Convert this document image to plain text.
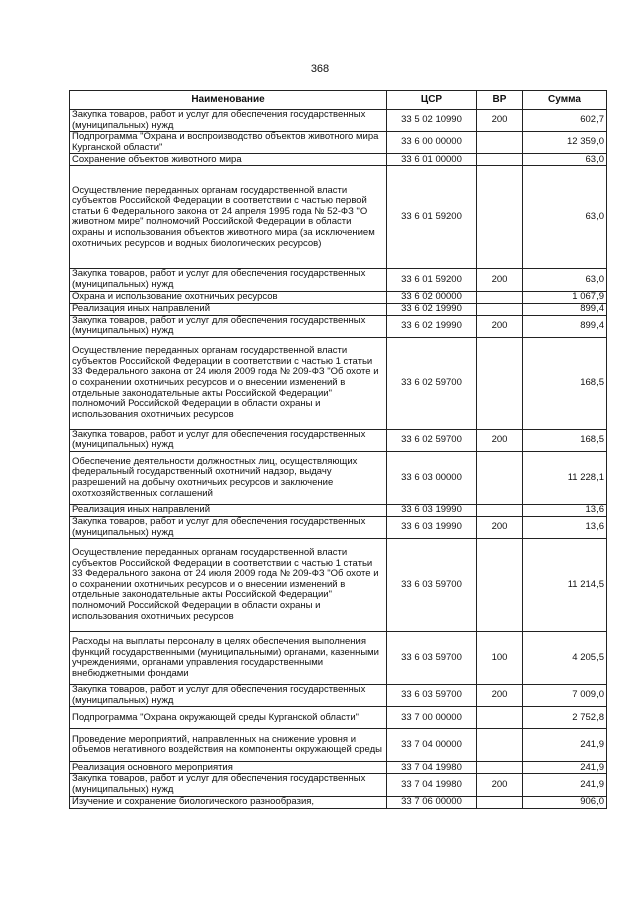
368
Наименование	ЦСР	ВР	Сумма
Закупка товаров, работ и услуг для обеспечения государственных (муниципальных) нужд	33 5 02 10990	200	602,7
Подпрограмма "Охрана и воспроизводство объектов животного мира Курганской области"	33 6 00 00000		12 359,0
Сохранение объектов животного мира	33 6 01 00000		63,0
Осуществление переданных органам государственной власти субъектов Российской Федерации в соответствии с частью первой статьи 6 Федерального закона от 24 апреля 1995 года № 52-ФЗ "О животном мире" полномочий Российской Федерации в области охраны и использования объектов животного мира (за исключением охотничьих ресурсов и водных биологических ресурсов)	33 6 01 59200		63,0
Закупка товаров, работ и услуг для обеспечения государственных (муниципальных) нужд	33 6 01 59200	200	63,0
Охрана и использование охотничьих ресурсов	33 6 02 00000		1 067,9
Реализация иных направлений	33 6 02 19990		899,4
Закупка товаров, работ и услуг для обеспечения государственных (муниципальных) нужд	33 6 02 19990	200	899,4
Осуществление переданных органам государственной власти субъектов Российской Федерации в соответствии с частью 1 статьи 33 Федерального закона от 24 июля 2009 года № 209-ФЗ "Об охоте и о сохранении охотничьих ресурсов и о внесении изменений в отдельные законодательные акты Российской Федерации" полномочий Российской Федерации в области охраны и использования охотничьих ресурсов	33 6 02 59700		168,5
Закупка товаров, работ и услуг для обеспечения государственных (муниципальных) нужд	33 6 02 59700	200	168,5
Обеспечение деятельности должностных лиц, осуществляющих федеральный государственный охотничий надзор, выдачу разрешений на добычу охотничьих ресурсов и заключение охотхозяйственных соглашений	33 6 03 00000		11 228,1
Реализация иных направлений	33 6 03 19990		13,6
Закупка товаров, работ и услуг для обеспечения государственных (муниципальных) нужд	33 6 03 19990	200	13,6
Осуществление переданных органам государственной власти субъектов Российской Федерации в соответствии с частью 1 статьи 33 Федерального закона от 24 июля 2009 года № 209-ФЗ "Об охоте и о сохранении охотничьих ресурсов и о внесении изменений в отдельные законодательные акты Российской Федерации" полномочий Российской Федерации в области охраны и использования охотничьих ресурсов	33 6 03 59700		11 214,5
Расходы на выплаты персоналу в целях обеспечения выполнения функций государственными (муниципальными) органами, казенными учреждениями, органами управления государственными внебюджетными фондами	33 6 03 59700	100	4 205,5
Закупка товаров, работ и услуг для обеспечения государственных (муниципальных) нужд	33 6 03 59700	200	7 009,0
Подпрограмма "Охрана окружающей среды Курганской области"	33 7 00 00000		2 752,8
Проведение мероприятий, направленных на снижение уровня и объемов негативного воздействия на компоненты окружающей среды	33 7 04 00000		241,9
Реализация основного мероприятия	33 7 04 19980		241,9
Закупка товаров, работ и услуг для обеспечения государственных (муниципальных) нужд	33 7 04 19980	200	241,9
Изучение и сохранение биологического разнообразия,	33 7 06 00000		906,0
